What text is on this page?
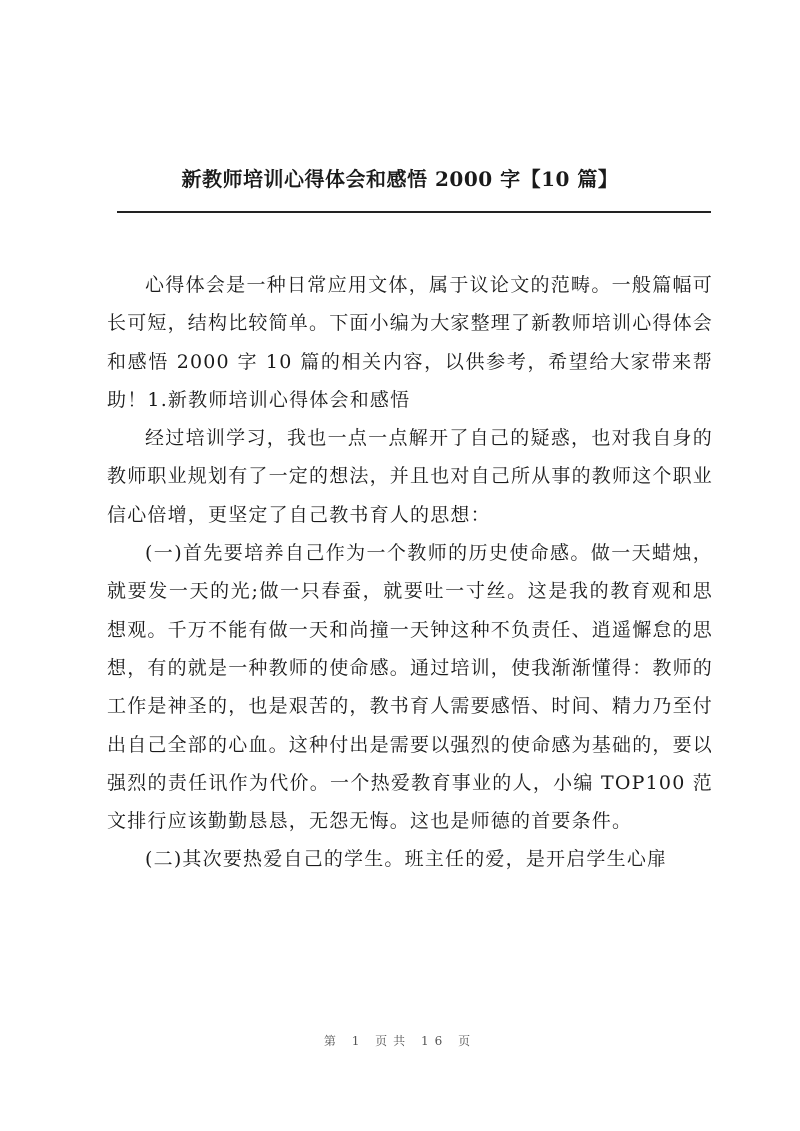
新教师培训心得体会和感悟 2000 字【10 篇】

心得体会是一种日常应用文体，属于议论文的范畴。一般篇幅可长可短，结构比较简单。下面小编为大家整理了新教师培训心得体会和感悟 2000 字 10 篇的相关内容，以供参考，希望给大家带来帮助！1.新教师培训心得体会和感悟

经过培训学习，我也一点一点解开了自己的疑惑，也对我自身的教师职业规划有了一定的想法，并且也对自己所从事的教师这个职业信心倍增，更坚定了自己教书育人的思想：

(一)首先要培养自己作为一个教师的历史使命感。做一天蜡烛，就要发一天的光;做一只春蚕，就要吐一寸丝。这是我的教育观和思想观。千万不能有做一天和尚撞一天钟这种不负责任、逍遥懈怠的思想，有的就是一种教师的使命感。通过培训，使我渐渐懂得：教师的工作是神圣的，也是艰苦的，教书育人需要感悟、时间、精力乃至付出自己全部的心血。这种付出是需要以强烈的使命感为基础的，要以强烈的责任讯作为代价。一个热爱教育事业的人，小编 TOP100 范文排行应该勤勤恳恳，无怨无悔。这也是师德的首要条件。

(二)其次要热爱自己的学生。班主任的爱，是开启学生心扉

第 1 页共 16 页
